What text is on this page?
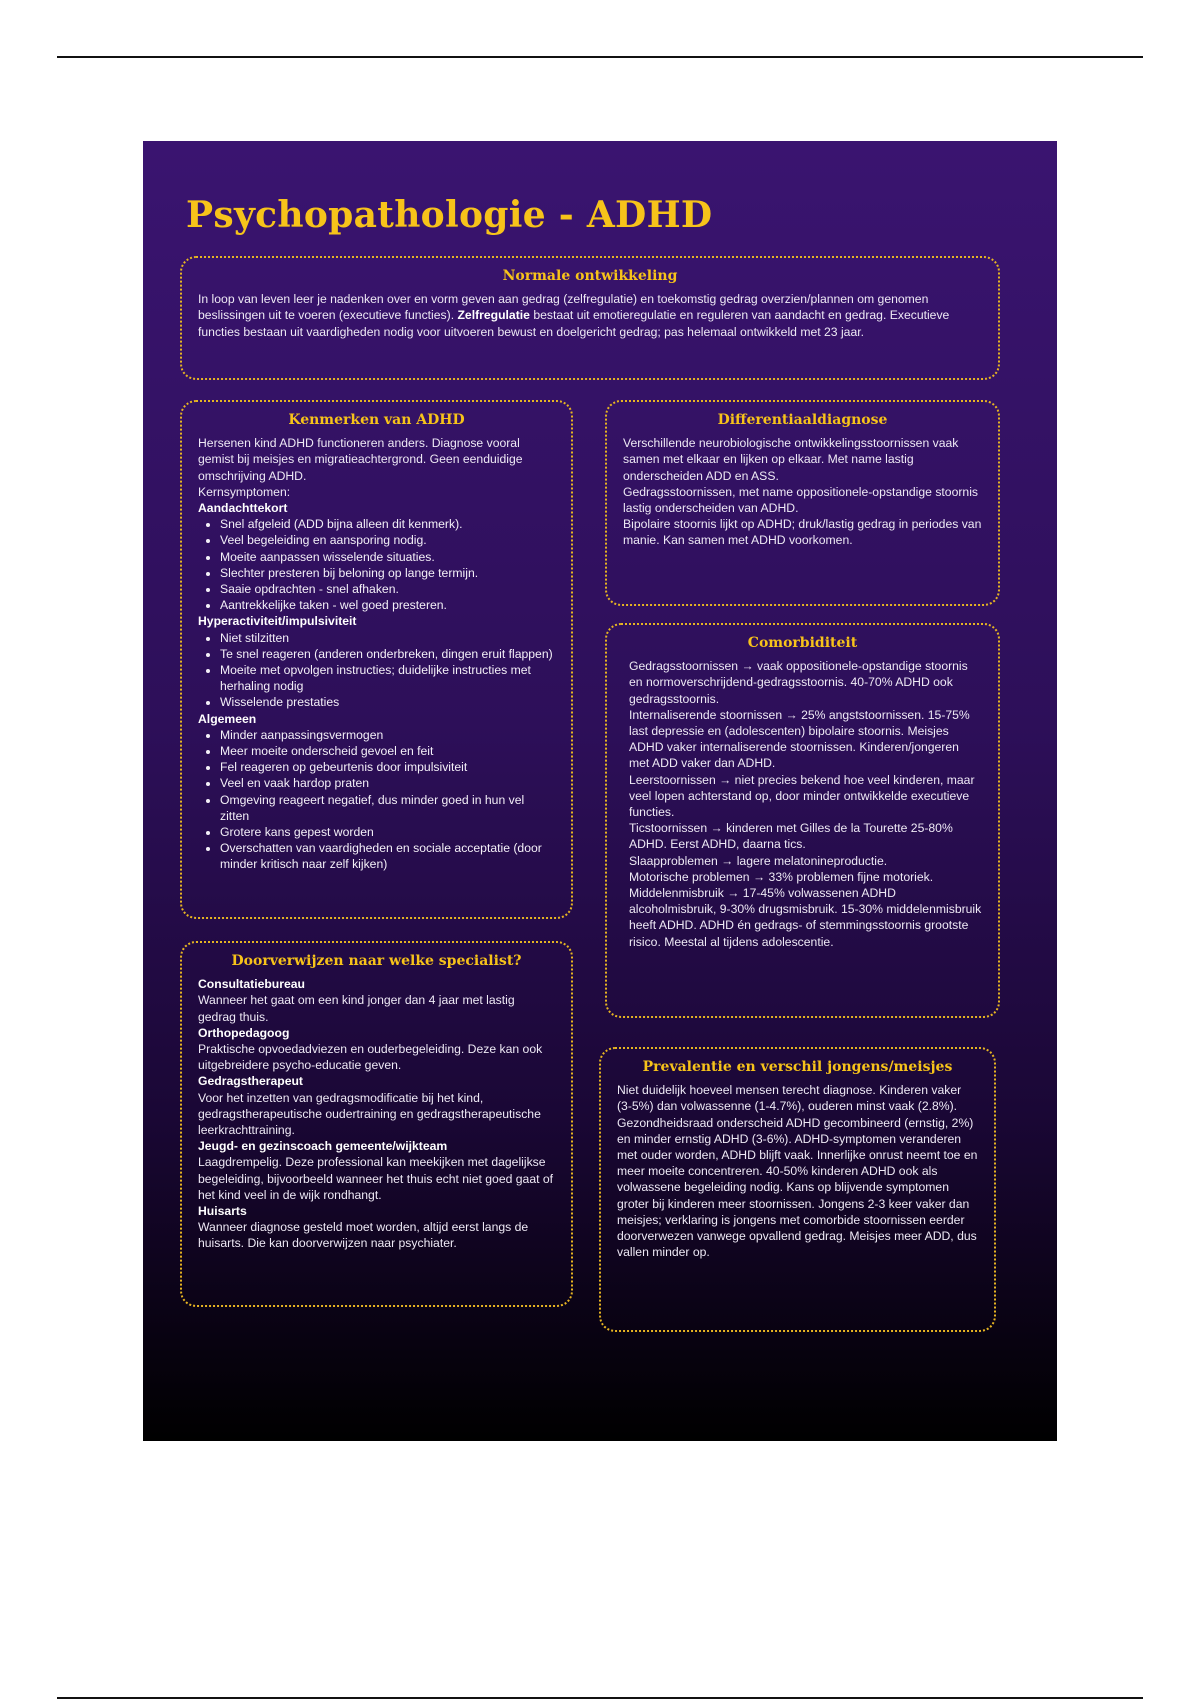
Psychopathologie - ADHD
Normale ontwikkeling

In loop van leven leer je nadenken over en vorm geven aan gedrag (zelfregulatie) en toekomstig gedrag overzien/plannen om genomen beslissingen uit te voeren (executieve functies). Zelfregulatie bestaat uit emotieregulatie en reguleren van aandacht en gedrag. Executieve functies bestaan uit vaardigheden nodig voor uitvoeren bewust en doelgericht gedrag; pas helemaal ontwikkeld met 23 jaar.

Kenmerken van ADHD

Hersenen kind ADHD functioneren anders. Diagnose vooral gemist bij meisjes en migratieachtergrond. Geen eenduidige omschrijving ADHD.

Kernsymptomen:

Aandachttekort
• Snel afgeleid (ADD bijna alleen dit kenmerk).
• Veel begeleiding en aansporing nodig.
• Moeite aanpassen wisselende situaties.
• Slechter presteren bij beloning op lange termijn.
• Saaie opdrachten - snel afhaken.
• Aantrekkelijke taken - wel goed presteren.
Hyperactiviteit/impulsiviteit
• Niet stilzitten
• Te snel reageren (anderen onderbreken, dingen eruit flappen)
• Moeite met opvolgen instructies; duidelijke instructies met herhaling nodig
• Wisselende prestaties
Algemeen
• Minder aanpassingsvermogen
• Meer moeite onderscheid gevoel en feit
• Fel reageren op gebeurtenis door impulsiviteit
• Veel en vaak hardop praten
• Omgeving reageert negatief, dus minder goed in hun vel zitten
• Grotere kans gepest worden
• Overschatten van vaardigheden en sociale acceptatie (door minder kritisch naar zelf kijken)
Differentiaaldiagnose

Verschillende neurobiologische ontwikkelingsstoornissen vaak samen met elkaar en lijken op elkaar. Met name lastig onderscheiden ADD en ASS.
Gedragsstoornissen, met name oppositionele-opstandige stoornis lastig onderscheiden van ADHD.
Bipolaire stoornis lijkt op ADHD; druk/lastig gedrag in periodes van manie. Kan samen met ADHD voorkomen.

Comorbiditeit

Gedragsstoornissen → vaak oppositionele-opstandige stoornis en normoverschrijdend-gedragsstoornis. 40-70% ADHD ook gedragsstoornis.
Internaliserende stoornissen → 25% angststoornissen. 15-75% last depressie en (adolescenten) bipolaire stoornis. Meisjes ADHD vaker internaliserende stoornissen. Kinderen/jongeren met ADD vaker dan ADHD.
Leerstoornissen → niet precies bekend hoe veel kinderen, maar veel lopen achterstand op, door minder ontwikkelde executieve functies.
Ticstoornissen → kinderen met Gilles de la Tourette 25-80% ADHD. Eerst ADHD, daarna tics.
Slaapproblemen → lagere melatonineproductie.
Motorische problemen → 33% problemen fijne motoriek.
Middelenmisbruik → 17-45% volwassenen ADHD alcoholmisbruik, 9-30% drugsmisbruik. 15-30% middelenmisbruik heeft ADHD. ADHD én gedrags- of stemmingsstoornis grootste risico. Meestal al tijdens adolescentie.

Doorverwijzen naar welke specialist?
Consultatiebureau

Wanneer het gaat om een kind jonger dan 4 jaar met lastig gedrag thuis.

Orthopedagoog

Praktische opvoedadviezen en ouderbegeleiding. Deze kan ook uitgebreidere psycho-educatie geven.

Gedragstherapeut

Voor het inzetten van gedragsmodificatie bij het kind, gedragstherapeutische oudertraining en gedragstherapeutische leerkrachttraining.

Jeugd- en gezinscoach gemeente/wijkteam

Laagdrempelig. Deze professional kan meekijken met dagelijkse begeleiding, bijvoorbeeld wanneer het thuis echt niet goed gaat of het kind veel in de wijk rondhangt.

Huisarts

Wanneer diagnose gesteld moet worden, altijd eerst langs de huisarts. Die kan doorverwijzen naar psychiater.

Prevalentie en verschil jongens/meisjes

Niet duidelijk hoeveel mensen terecht diagnose. Kinderen vaker (3-5%) dan volwassenne (1-4.7%), ouderen minst vaak (2.8%).
Gezondheidsraad onderscheid ADHD gecombineerd (ernstig, 2%) en minder ernstig ADHD (3-6%). ADHD-symptomen veranderen met ouder worden, ADHD blijft vaak. Innerlijke onrust neemt toe en meer moeite concentreren. 40-50% kinderen ADHD ook als volwassene begeleiding nodig. Kans op blijvende symptomen groter bij kinderen meer stoornissen. Jongens 2-3 keer vaker dan meisjes; verklaring is jongens met comorbide stoornissen eerder doorverwezen vanwege opvallend gedrag. Meisjes meer ADD, dus vallen minder op.
